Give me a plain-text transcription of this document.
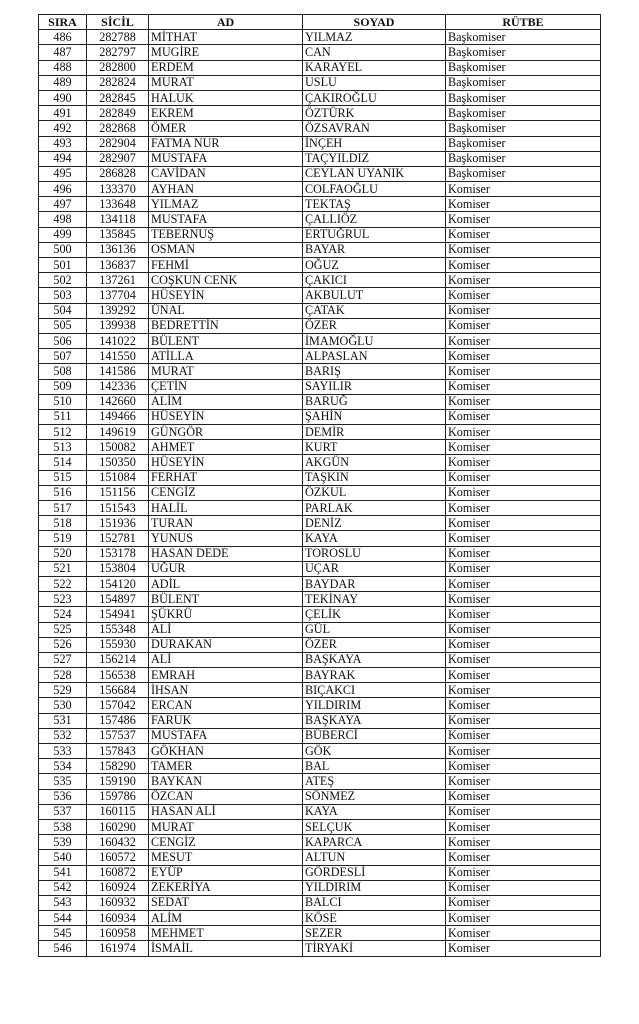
SIRA	SİCİL	AD	SOYAD	RÜTBE
486	282788	MİTHAT	YILMAZ	Başkomiser
487	282797	MUGİRE	CAN	Başkomiser
488	282800	ERDEM	KARAYEL	Başkomiser
489	282824	MURAT	USLU	Başkomiser
490	282845	HALUK	ÇAKIROĞLU	Başkomiser
491	282849	EKREM	ÖZTÜRK	Başkomiser
492	282868	ÖMER	ÖZSAVRAN	Başkomiser
493	282904	FATMA NUR	İNÇEH	Başkomiser
494	282907	MUSTAFA	TAÇYILDIZ	Başkomiser
495	286828	CAVİDAN	CEYLAN UYANIK	Başkomiser
496	133370	AYHAN	COLFAOĞLU	Komiser
497	133648	YILMAZ	TEKTAŞ	Komiser
498	134118	MUSTAFA	ÇALLIÖZ	Komiser
499	135845	TEBERNUŞ	ERTUĞRUL	Komiser
500	136136	OSMAN	BAYAR	Komiser
501	136837	FEHMİ	OĞUZ	Komiser
502	137261	COŞKUN CENK	ÇAKICI	Komiser
503	137704	HÜSEYİN	AKBULUT	Komiser
504	139292	ÜNAL	ÇATAK	Komiser
505	139938	BEDRETTİN	ÖZER	Komiser
506	141022	BÜLENT	İMAMOĞLU	Komiser
507	141550	ATİLLA	ALPASLAN	Komiser
508	141586	MURAT	BARIŞ	Komiser
509	142336	ÇETİN	SAYILIR	Komiser
510	142660	ALİM	BARUĞ	Komiser
511	149466	HÜSEYİN	ŞAHİN	Komiser
512	149619	GÜNGÖR	DEMİR	Komiser
513	150082	AHMET	KURT	Komiser
514	150350	HÜSEYİN	AKGÜN	Komiser
515	151084	FERHAT	TAŞKIN	Komiser
516	151156	CENGİZ	ÖZKUL	Komiser
517	151543	HALİL	PARLAK	Komiser
518	151936	TURAN	DENİZ	Komiser
519	152781	YUNUS	KAYA	Komiser
520	153178	HASAN DEDE	TOROSLU	Komiser
521	153804	UĞUR	UÇAR	Komiser
522	154120	ADİL	BAYDAR	Komiser
523	154897	BÜLENT	TEKİNAY	Komiser
524	154941	ŞÜKRÜ	ÇELİK	Komiser
525	155348	ALİ	GÜL	Komiser
526	155930	DURAKAN	ÖZER	Komiser
527	156214	ALİ	BAŞKAYA	Komiser
528	156538	EMRAH	BAYRAK	Komiser
529	156684	İHSAN	BIÇAKCI	Komiser
530	157042	ERCAN	YILDIRIM	Komiser
531	157486	FARUK	BAŞKAYA	Komiser
532	157537	MUSTAFA	BÜBERCİ	Komiser
533	157843	GÖKHAN	GÖK	Komiser
534	158290	TAMER	BAL	Komiser
535	159190	BAYKAN	ATEŞ	Komiser
536	159786	ÖZCAN	SÖNMEZ	Komiser
537	160115	HASAN ALİ	KAYA	Komiser
538	160290	MURAT	SELÇUK	Komiser
539	160432	CENGİZ	KAPARCA	Komiser
540	160572	MESUT	ALTUN	Komiser
541	160872	EYÜP	GÖRDESLİ	Komiser
542	160924	ZEKERİYA	YILDIRIM	Komiser
543	160932	SEDAT	BALCI	Komiser
544	160934	ALİM	KÖSE	Komiser
545	160958	MEHMET	SEZER	Komiser
546	161974	İSMAİL	TİRYAKİ	Komiser
